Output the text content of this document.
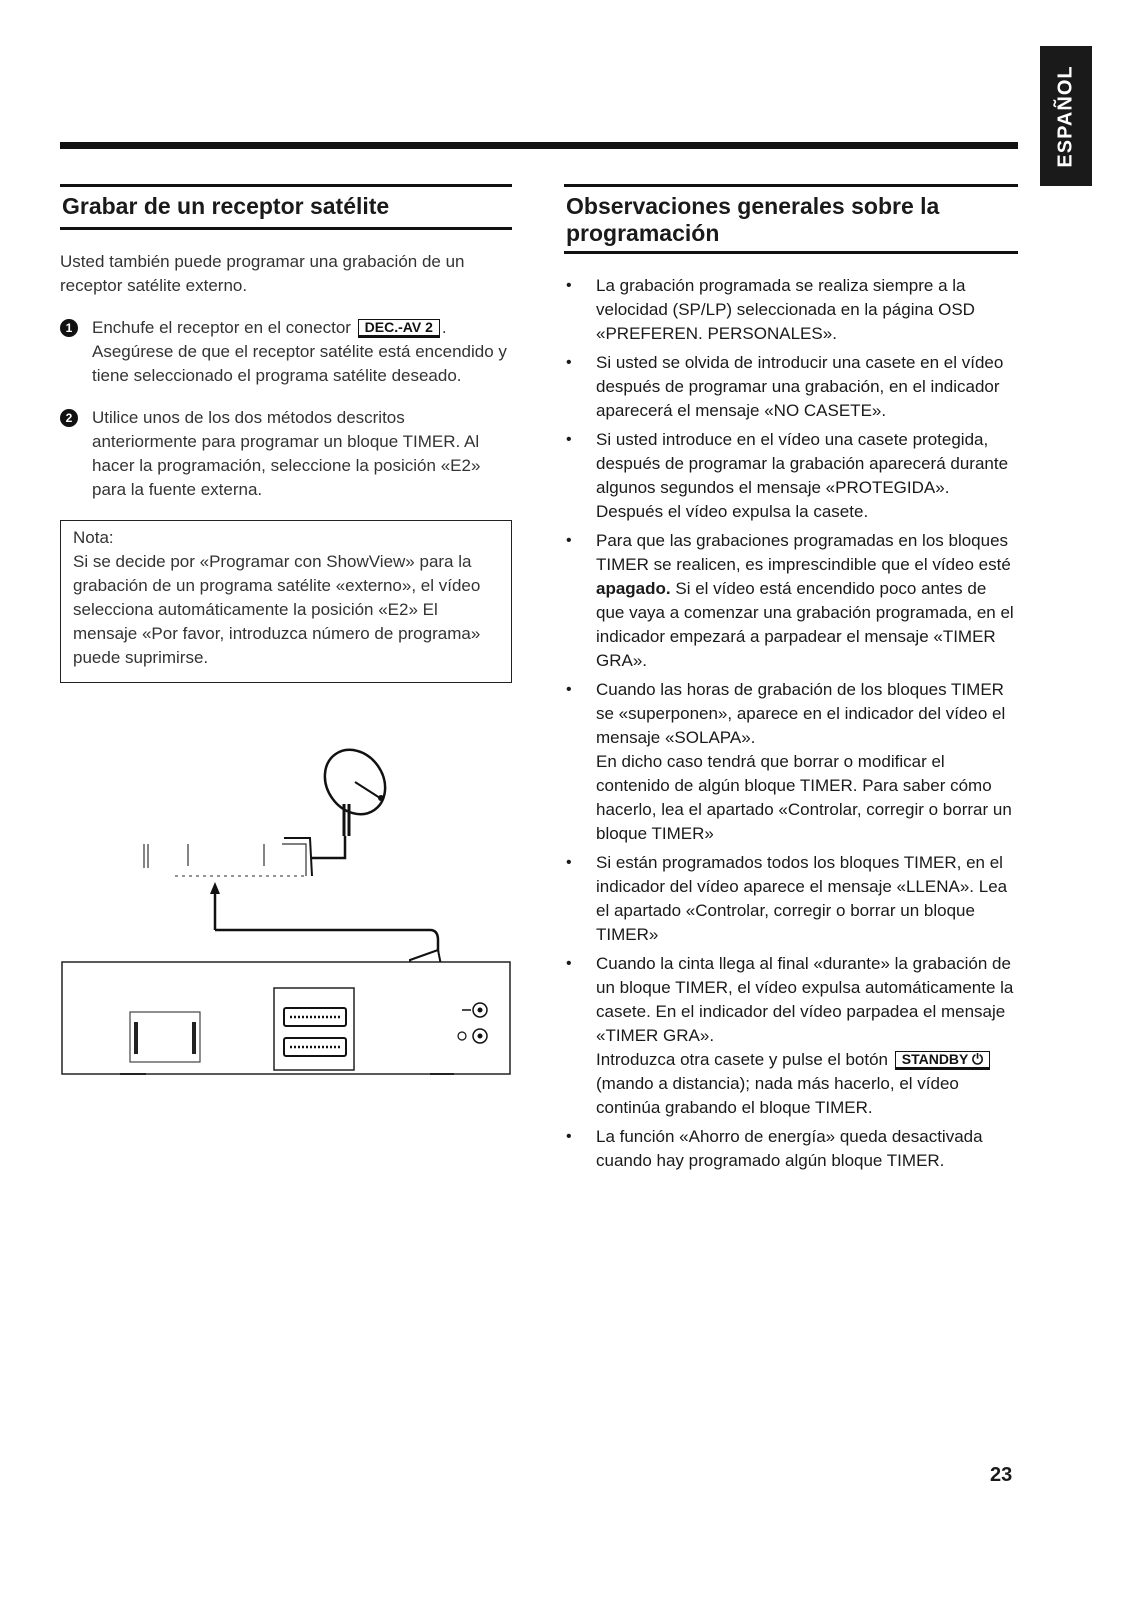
ESPAÑOL
Grabar de un receptor satélite

Usted también puede programar una grabación de un receptor satélite externo.

1	Enchufe el receptor en el conector DEC.-AV 2 . Asegúrese de que el receptor satélite está encendido y tiene seleccionado el programa satélite deseado.
2	Utilice unos de los dos métodos descritos anteriormente para programar un bloque TIMER. Al hacer la programación, seleccione la posición «E2» para la fuente externa.
Nota:
Si se decide por «Programar con ShowView» para la grabación de un programa satélite «externo», el vídeo selecciona automáticamente la posición «E2» El mensaje «Por favor, introduzca número de programa» puede suprimirse.
Observaciones generales sobre la programación
• La grabación programada se realiza siempre a la velocidad (SP/LP) seleccionada en la página OSD «PREFEREN. PERSONALES».
• Si usted se olvida de introducir una casete en el vídeo después de programar una grabación, en el indicador aparecerá el mensaje «NO CASETE».
• Si usted introduce en el vídeo una casete protegida, después de programar la grabación aparecerá durante algunos segundos el mensaje «PROTEGIDA».
Después el vídeo expulsa la casete.
• Para que las grabaciones programadas en los bloques TIMER se realicen, es imprescindible que el vídeo esté apagado. Si el vídeo está encendido poco antes de que vaya a comenzar una grabación programada, en el indicador empezará a parpadear el mensaje «TIMER GRA».
• Cuando las horas de grabación de los bloques TIMER se «superponen», aparece en el indicador del vídeo el mensaje «SOLAPA».
En dicho caso tendrá que borrar o modificar el contenido de algún bloque TIMER. Para saber cómo hacerlo, lea el apartado «Controlar, corregir o borrar un bloque TIMER»
• Si están programados todos los bloques TIMER, en el indicador del vídeo aparece el mensaje «LLENA». Lea el apartado «Controlar, corregir o borrar un bloque TIMER»
• Cuando la cinta llega al final «durante» la grabación de un bloque TIMER, el vídeo expulsa automáticamente la casete. En el indicador del vídeo parpadea el mensaje «TIMER GRA».
Introduzca otra casete y pulse el botón STANDBY ⏻ (mando a distancia); nada más hacerlo, el vídeo continúa grabando el bloque TIMER.
• La función «Ahorro de energía» queda desactivada cuando hay programado algún bloque TIMER.
23
